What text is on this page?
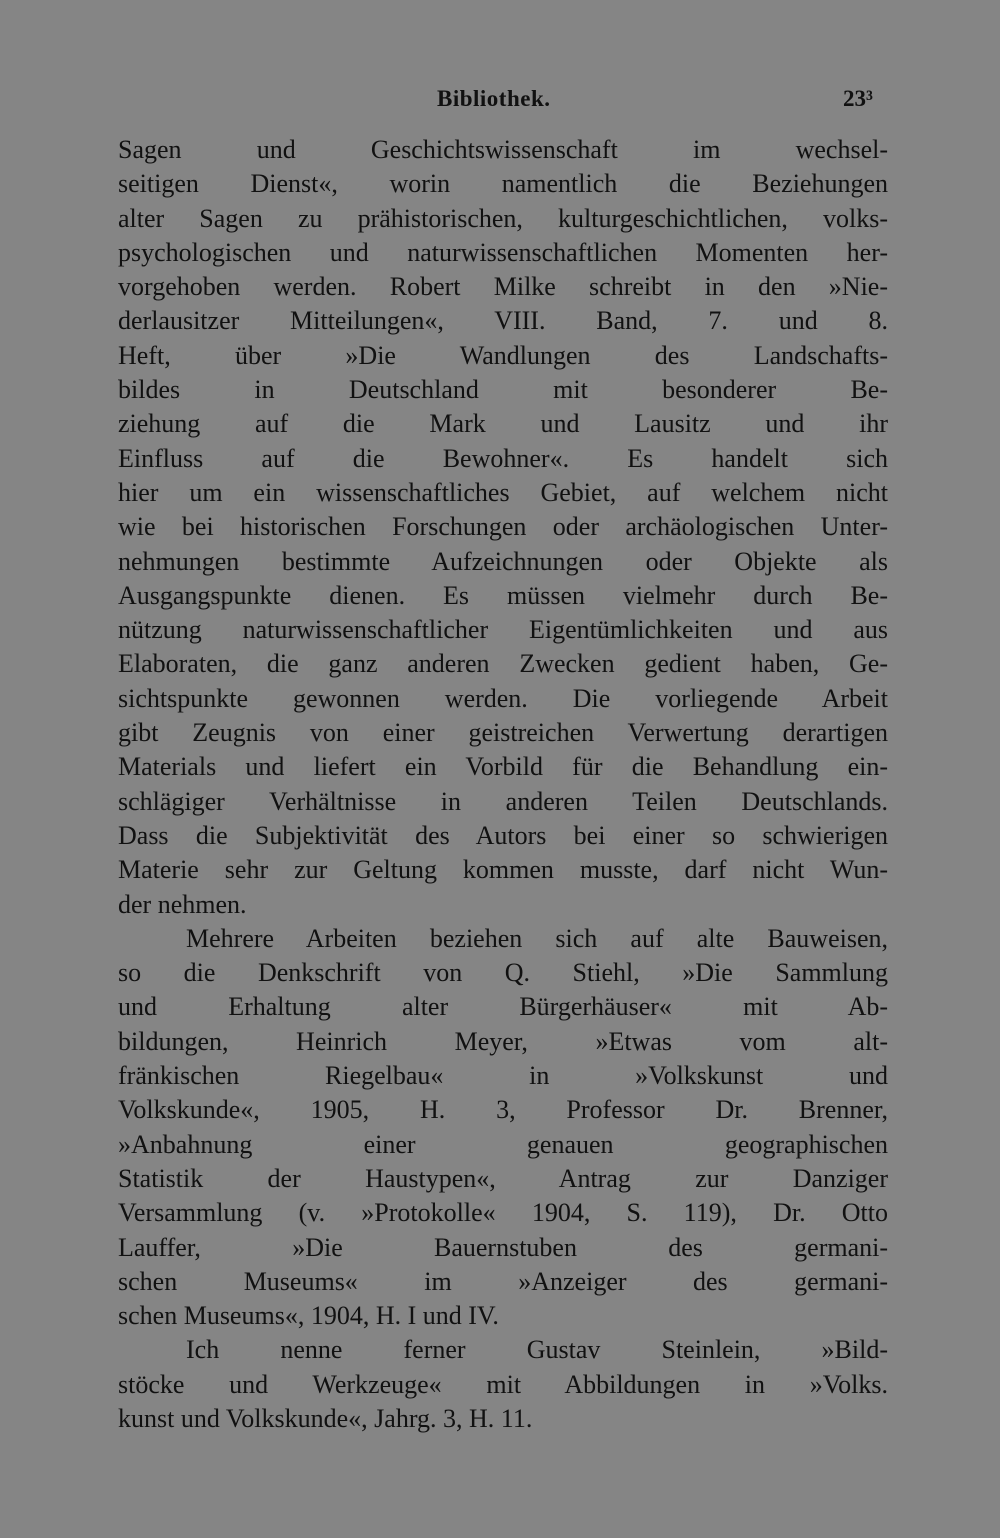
Bibliothek.	23³
Sagen und Geschichtswissenschaft im wechsel-
seitigen Dienst«, worin namentlich die Beziehungen
alter Sagen zu prähistorischen, kulturgeschichtlichen, volks-
psychologischen und naturwissenschaftlichen Momenten her-
vorgehoben werden. Robert Milke schreibt in den »Nie-
derlausitzer Mitteilungen«, VIII. Band, 7. und 8.
Heft, über »Die Wandlungen des Landschafts-
bildes in Deutschland mit besonderer Be-
ziehung auf die Mark und Lausitz und ihr
Einfluss auf die Bewohner«. Es handelt sich
hier um ein wissenschaftliches Gebiet, auf welchem nicht
wie bei historischen Forschungen oder archäologischen Unter-
nehmungen bestimmte Aufzeichnungen oder Objekte als
Ausgangspunkte dienen. Es müssen vielmehr durch Be-
nützung naturwissenschaftlicher Eigentümlichkeiten und aus
Elaboraten, die ganz anderen Zwecken gedient haben, Ge-
sichtspunkte gewonnen werden. Die vorliegende Arbeit
gibt Zeugnis von einer geistreichen Verwertung derartigen
Materials und liefert ein Vorbild für die Behandlung ein-
schlägiger Verhältnisse in anderen Teilen Deutschlands.
Dass die Subjektivität des Autors bei einer so schwierigen
Materie sehr zur Geltung kommen musste, darf nicht Wun-
der nehmen.
Mehrere Arbeiten beziehen sich auf alte Bauweisen,
so die Denkschrift von Q. Stiehl, »Die Sammlung
und Erhaltung alter Bürgerhäuser« mit Ab-
bildungen, Heinrich Meyer, »Etwas vom alt-
fränkischen Riegelbau« in »Volkskunst und
Volkskunde«, 1905, H. 3, Professor Dr. Brenner,
»Anbahnung einer genauen geographischen
Statistik der Haustypen«, Antrag zur Danziger
Versammlung (v. »Protokolle« 1904, S. 119), Dr. Otto
Lauffer, »Die Bauernstuben des germani-
schen Museums« im »Anzeiger des germani-
schen Museums«, 1904, H. I und IV.
Ich nenne ferner Gustav Steinlein, »Bild-
stöcke und Werkzeuge« mit Abbildungen in »Volks.
kunst und Volkskunde«, Jahrg. 3, H. 11.
